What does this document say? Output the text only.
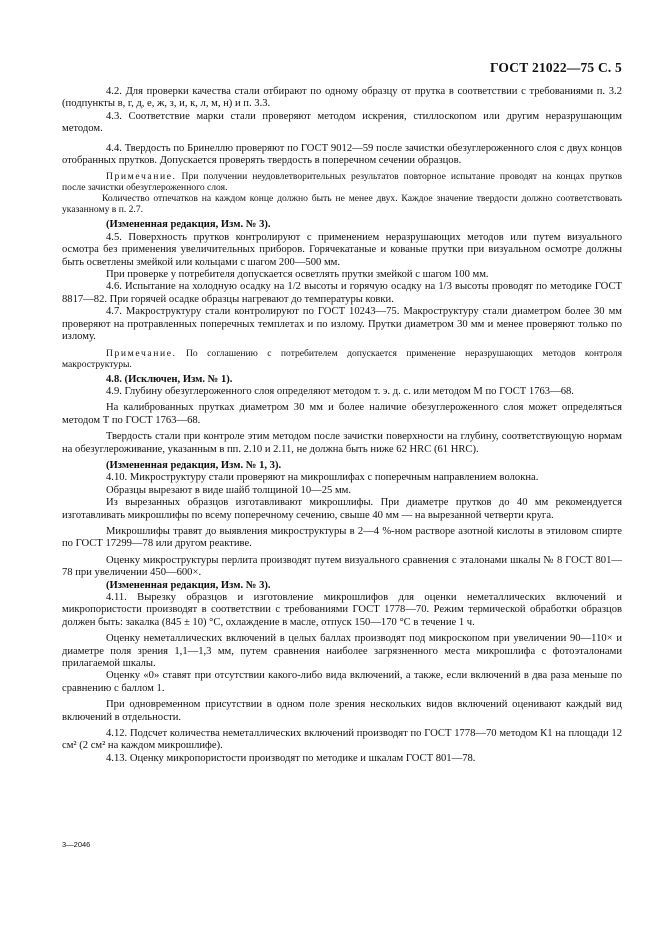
ГОСТ 21022—75 С. 5

4.2. Для проверки качества стали отбирают по одному образцу от прутка в соответствии с требованиями п. 3.2 (подпункты в, г, д, е, ж, з, и, к, л, м, н) и п. 3.3.

4.3. Соответствие марки стали проверяют методом искрения, стиллоскопом или другим неразрушающим методом.

4.4. Твердость по Бринеллю проверяют по ГОСТ 9012—59 после зачистки обезуглероженного слоя с двух концов отобранных прутков. Допускается проверять твердость в поперечном сечении образцов.

Примечание. При получении неудовлетворительных результатов повторное испытание проводят на концах прутков после зачистки обезуглероженного слоя.

Количество отпечатков на каждом конце должно быть не менее двух. Каждое значение твердости должно соответствовать указанному в п. 2.7.

(Измененная редакция, Изм. № 3).

4.5. Поверхность прутков контролируют с применением неразрушающих методов или путем визуального осмотра без применения увеличительных приборов. Горячекатаные и кованые прутки при визуальном осмотре должны быть осветлены змейкой или кольцами с шагом 200—500 мм.

При проверке у потребителя допускается осветлять прутки змейкой с шагом 100 мм.

4.6. Испытание на холодную осадку на 1/2 высоты и горячую осадку на 1/3 высоты проводят по методике ГОСТ 8817—82. При горячей осадке образцы нагревают до температуры ковки.

4.7. Макроструктуру стали контролируют по ГОСТ 10243—75. Макроструктуру стали диаметром более 30 мм проверяют на протравленных поперечных темплетах и по излому. Прутки диаметром 30 мм и менее проверяют только по излому.

Примечание. По соглашению с потребителем допускается применение неразрушающих методов контроля макроструктуры.

4.8. (Исключен, Изм. № 1).

4.9. Глубину обезуглероженного слоя определяют методом т. э. д. с. или методом М по ГОСТ 1763—68.

На калиброванных прутках диаметром 30 мм и более наличие обезуглероженного слоя может определяться методом Т по ГОСТ 1763—68.

Твердость стали при контроле этим методом после зачистки поверхности на глубину, соответствующую нормам на обезуглероживание, указанным в пп. 2.10 и 2.11, не должна быть ниже 62 HRC (61 HRC).

(Измененная редакция, Изм. № 1, 3).

4.10. Микроструктуру стали проверяют на микрошлифах с поперечным направлением волокна.

Образцы вырезают в виде шайб толщиной 10—25 мм.

Из вырезанных образцов изготавливают микрошлифы. При диаметре прутков до 40 мм рекомендуется изготавливать микрошлифы по всему поперечному сечению, свыше 40 мм — на вырезанной четверти круга.

Микрошлифы травят до выявления микроструктуры в 2—4 %-ном растворе азотной кислоты в этиловом спирте по ГОСТ 17299—78 или другом реактиве.

Оценку микроструктуры перлита производят путем визуального сравнения с эталонами шкалы № 8 ГОСТ 801—78 при увеличении 450—600×.

(Измененная редакция, Изм. № 3).

4.11. Вырезку образцов и изготовление микрошлифов для оценки неметаллических включений и микропористости производят в соответствии с требованиями ГОСТ 1778—70. Режим термической обработки образцов должен быть: закалка (845 ± 10) °С, охлаждение в масле, отпуск 150—170 °С в течение 1 ч.

Оценку неметаллических включений в целых баллах производят под микроскопом при увеличении 90—110× и диаметре поля зрения 1,1—1,3 мм, путем сравнения наиболее загрязненного места микрошлифа с фотоэталонами прилагаемой шкалы.

Оценку «0» ставят при отсутствии какого-либо вида включений, а также, если включений в два раза меньше по сравнению с баллом 1.

При одновременном присутствии в одном поле зрения нескольких видов включений оценивают каждый вид включений в отдельности.

4.12. Подсчет количества неметаллических включений производят по ГОСТ 1778—70 методом К1 на площади 12 см² (2 см² на каждом микрошлифе).

4.13. Оценку микропористости производят по методике и шкалам ГОСТ 801—78.

3—2046
